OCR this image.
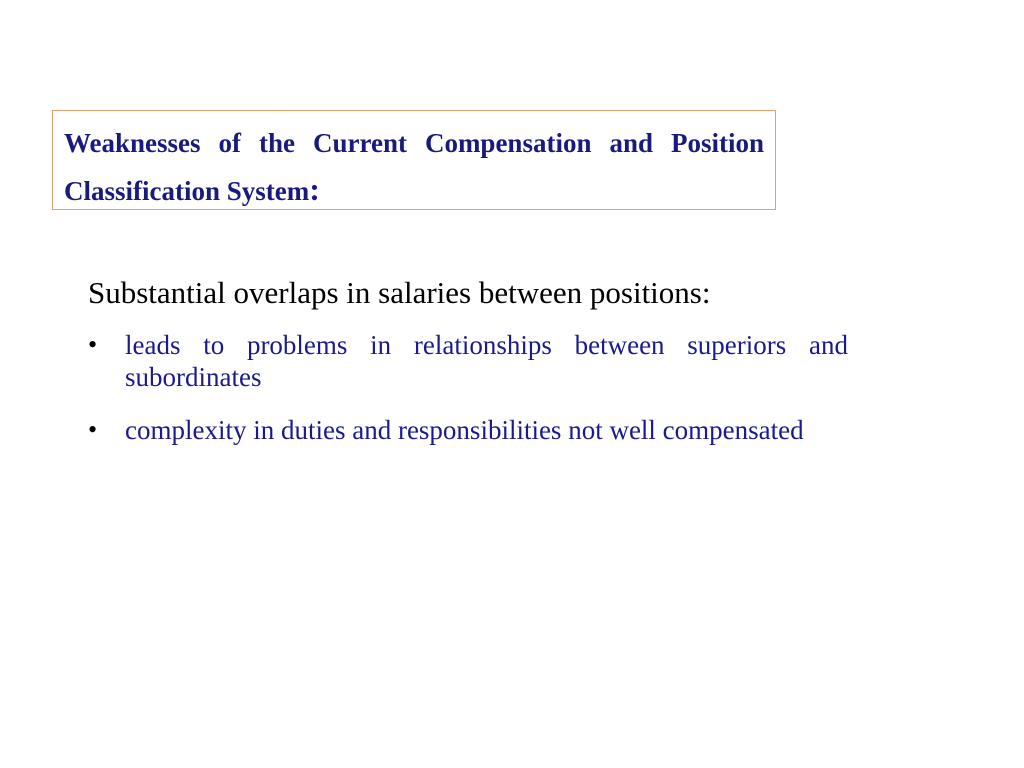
Weaknesses of the Current Compensation and Position Classification System:

Substantial overlaps in salaries between positions:

• leads to problems in relationships between superiors and subordinates
• complexity in duties and responsibilities not well compensated
